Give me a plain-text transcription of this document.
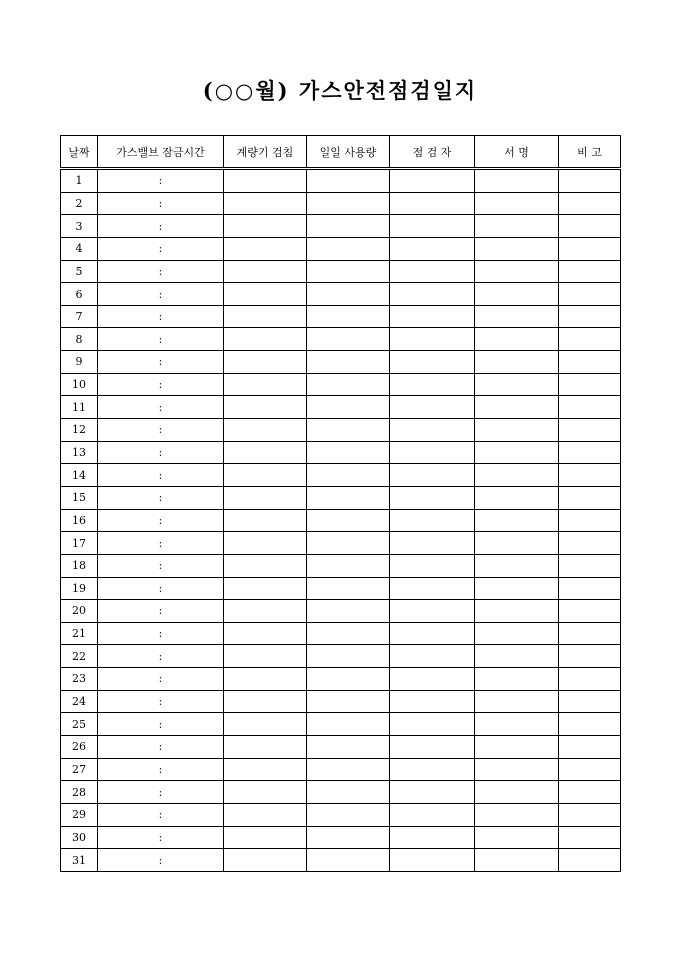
(○○월) 가스안전점검일지
날짜	가스밸브 잠금시간	계량기 검침	일일 사용량	점 검 자	서 명	비 고
1	:					
2	:					
3	:					
4	:					
5	:					
6	:					
7	:					
8	:					
9	:					
10	:					
11	:					
12	:					
13	:					
14	:					
15	:					
16	:					
17	:					
18	:					
19	:					
20	:					
21	:					
22	:					
23	:					
24	:					
25	:					
26	:					
27	:					
28	:					
29	:					
30	:					
31	:					
